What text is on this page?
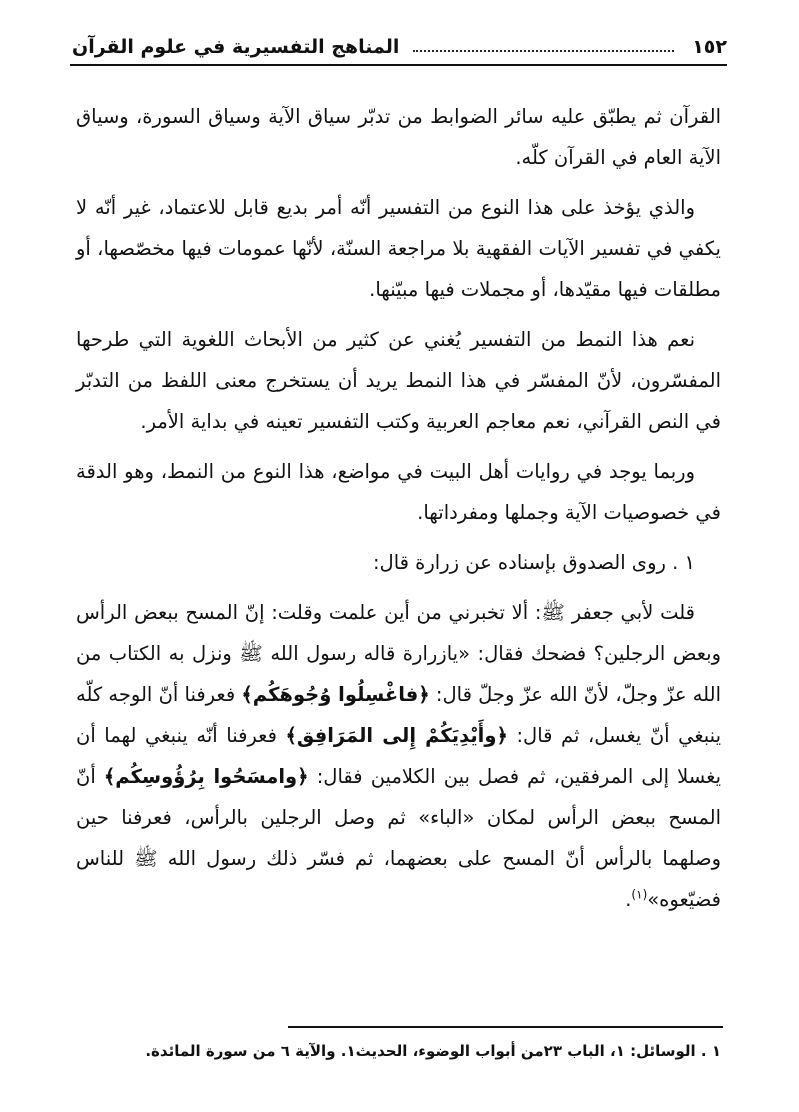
١٥٢
المناهج التفسيرية في علوم القرآن

القرآن ثم يطبّق عليه سائر الضوابط من تدبّر سياق الآية وسياق السورة، وسياق الآية العام في القرآن كلّه.

والذي يؤخذ على هذا النوع من التفسير أنّه أمر بديع قابل للاعتماد، غير أنّه لا يكفي في تفسير الآيات الفقهية بلا مراجعة السنّة، لأنّها عمومات فيها مخصّصها، أو مطلقات فيها مقيّدها، أو مجملات فيها مبيّنها.

نعم هذا النمط من التفسير يُغني عن كثير من الأبحاث اللغوية التي طرحها المفسّرون، لأنّ المفسّر في هذا النمط يريد أن يستخرج معنى اللفظ من التدبّر في النص القرآني، نعم معاجم العربية وكتب التفسير تعينه في بداية الأمر.

وربما يوجد في روايات أهل البيت في مواضع، هذا النوع من النمط، وهو الدقة في خصوصيات الآية وجملها ومفرداتها.

١ . روى الصدوق بإسناده عن زرارة قال:

قلت لأبي جعفر ﷺ: ألا تخبرني من أين علمت وقلت: إنّ المسح ببعض الرأس وبعض الرجلين؟ فضحك فقال: «يازرارة قاله رسول الله ﷺ ونزل به الكتاب من الله عزّ وجلّ، لأنّ الله عزّ وجلّ قال: ﴿فاغْسِلُوا وُجُوهَكُم﴾ فعرفنا أنّ الوجه كلّه ينبغي أنّ يغسل، ثم قال: ﴿وأَيْدِيَكُمْ إِلى المَرَافِق﴾ فعرفنا أنّه ينبغي لهما أن يغسلا إلى المرفقين، ثم فصل بين الكلامين فقال: ﴿وامسَحُوا بِرُؤُوسِكُم﴾ أنّ المسح ببعض الرأس لمكان «الباء» ثم وصل الرجلين بالرأس، فعرفنا حين وصلهما بالرأس أنّ المسح على بعضهما، ثم فسّر ذلك رسول الله ﷺ للناس فضيّعوه»$^{(١)}$.

١ . الوسائل: ١، الباب ٢٣من أبواب الوضوء، الحديث١. والآية ٦ من سورة المائدة.
